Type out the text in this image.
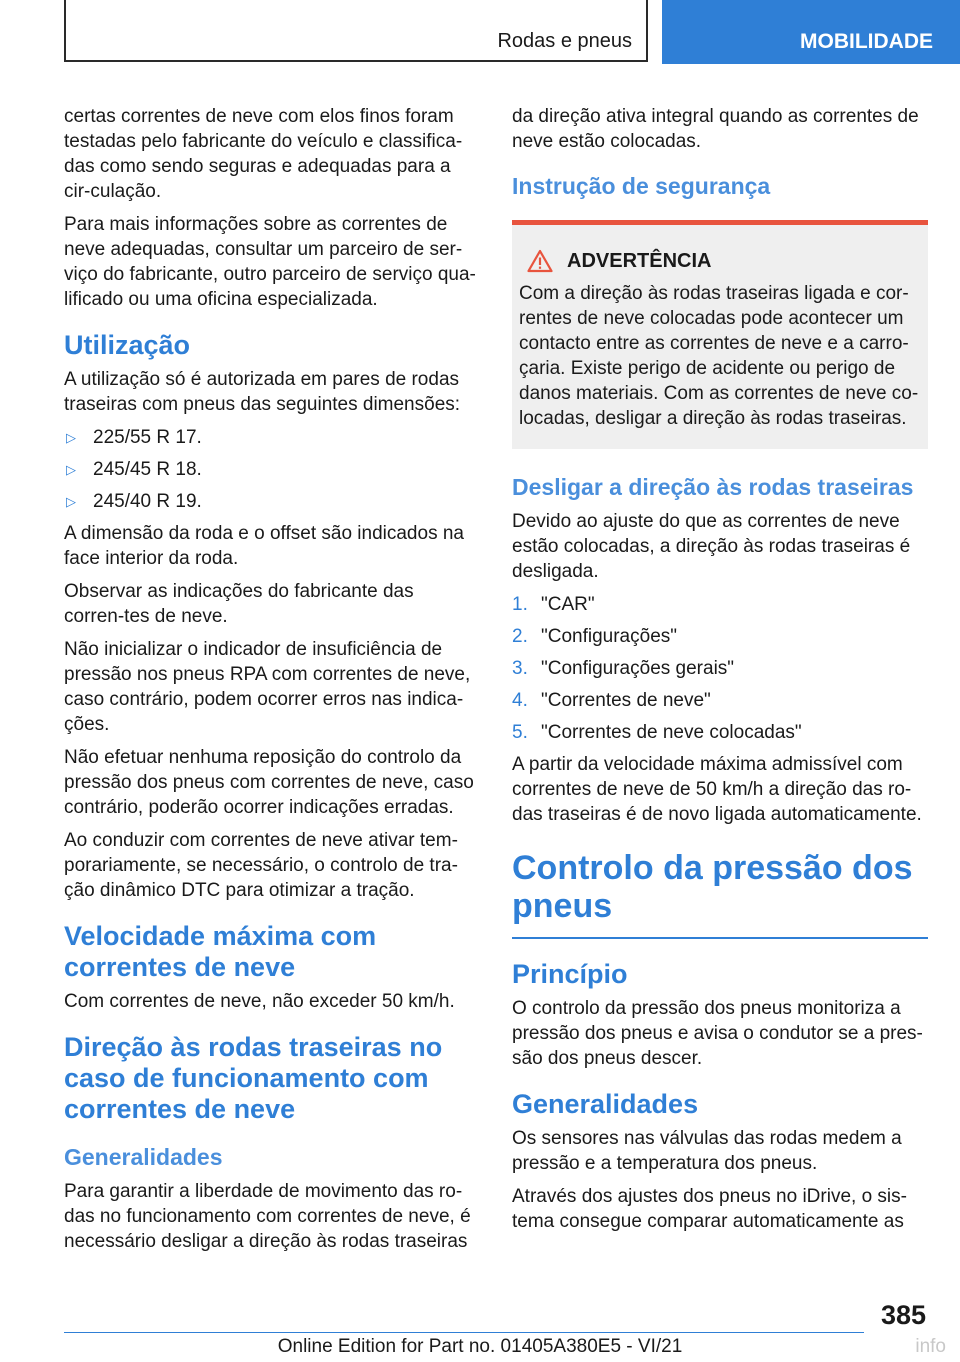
Rodas e pneus	MOBILIDADE

certas correntes de neve com elos finos foram testadas pelo fabricante do veículo e classifica-das como sendo seguras e adequadas para a cir-culação.

Para mais informações sobre as correntes de neve adequadas, consultar um parceiro de ser-viço do fabricante, outro parceiro de serviço qua-lificado ou uma oficina especializada.

Utilização

A utilização só é autorizada em pares de rodas traseiras com pneus das seguintes dimensões:

▷ 225/55 R 17.
▷ 245/45 R 18.
▷ 245/40 R 19.

A dimensão da roda e o offset são indicados na face interior da roda.

Observar as indicações do fabricante das corren-tes de neve.

Não inicializar o indicador de insuficiência de pressão nos pneus RPA com correntes de neve, caso contrário, podem ocorrer erros nas indica-ções.

Não efetuar nenhuma reposição do controlo da pressão dos pneus com correntes de neve, caso contrário, poderão ocorrer indicações erradas.

Ao conduzir com correntes de neve ativar tem-porariamente, se necessário, o controlo de tra-ção dinâmico DTC para otimizar a tração.

Velocidade máxima com correntes de neve

Com correntes de neve, não exceder 50 km/h.

Direção às rodas traseiras no caso de funcionamento com correntes de neve
Generalidades

Para garantir a liberdade de movimento das ro-das no funcionamento com correntes de neve, é necessário desligar a direção às rodas traseiras

da direção ativa integral quando as correntes de neve estão colocadas.

Instrução de segurança
ADVERTÊNCIA

Com a direção às rodas traseiras ligada e cor-rentes de neve colocadas pode acontecer um contacto entre as correntes de neve e a carro-çaria. Existe perigo de acidente ou perigo de danos materiais. Com as correntes de neve co-locadas, desligar a direção às rodas traseiras.

Desligar a direção às rodas traseiras

Devido ao ajuste do que as correntes de neve estão colocadas, a direção às rodas traseiras é desligada.

1. "CAR"
2. "Configurações"
3. "Configurações gerais"
4. "Correntes de neve"
5. "Correntes de neve colocadas"

A partir da velocidade máxima admissível com correntes de neve de 50 km/h a direção das ro-das traseiras é de novo ligada automaticamente.

Controlo da pressão dos pneus
Princípio

O controlo da pressão dos pneus monitoriza a pressão dos pneus e avisa o condutor se a pres-são dos pneus descer.

Generalidades

Os sensores nas válvulas das rodas medem a pressão e a temperatura dos pneus.

Através dos ajustes dos pneus no iDrive, o sis-tema consegue comparar automaticamente as

385
Online Edition for Part no. 01405A380E5 - VI/21	info
